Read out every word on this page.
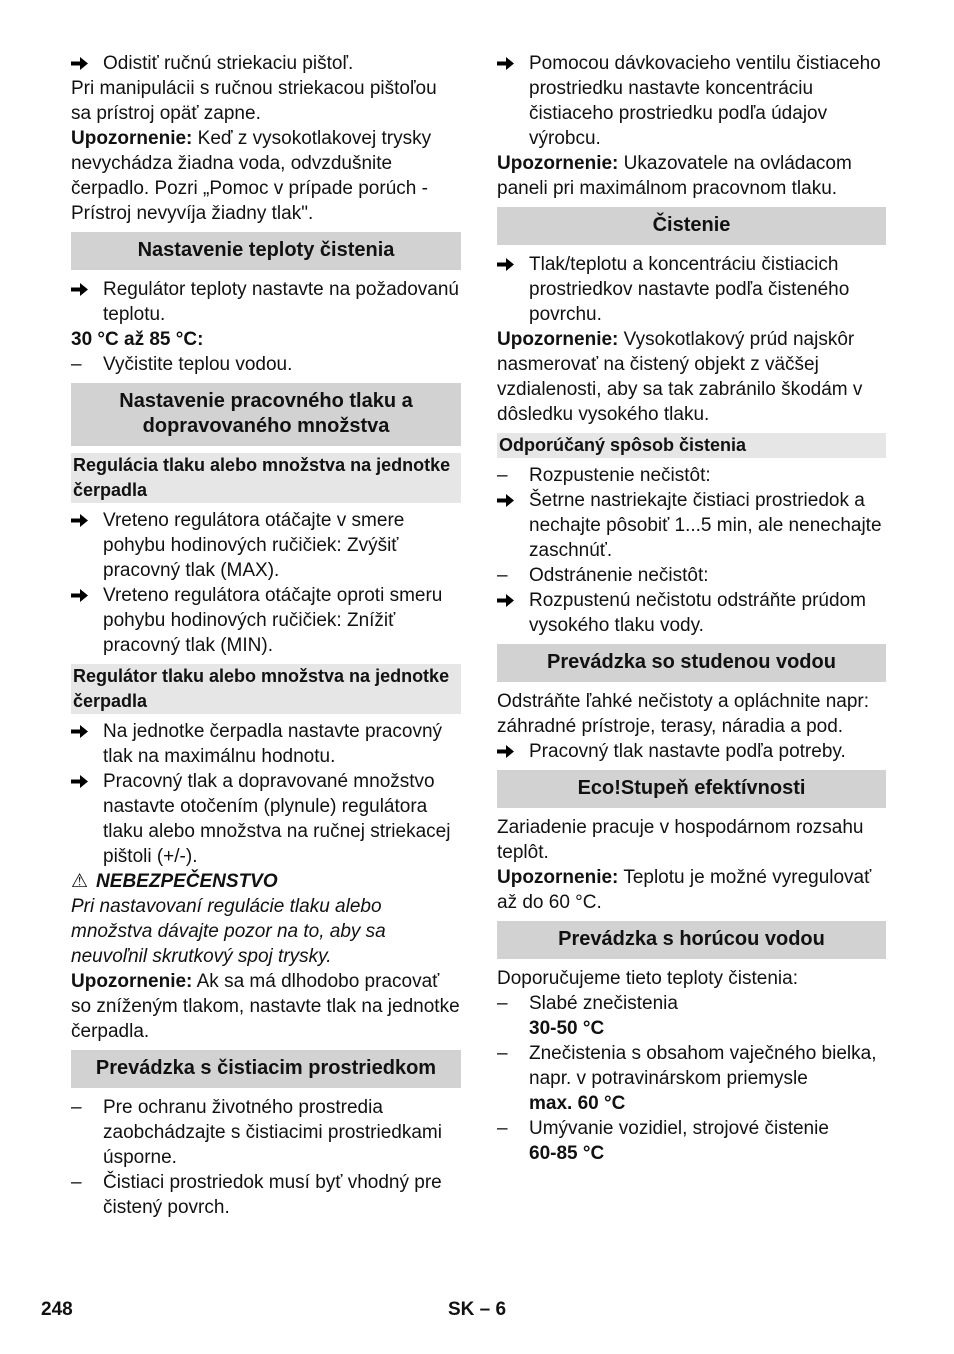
Odistiť ručnú striekaciu pištoľ.

Pri manipulácii s ručnou striekacou pištoľou sa prístroj opäť zapne.

Upozornenie: Keď z vysokotlakovej trysky nevychádza žiadna voda, odvzdušnite čerpadlo. Pozri „Pomoc v prípade porúch - Prístroj nevyvíja žiadny tlak".

Nastavenie teploty čistenia
Regulátor teploty nastavte na požadovanú teplotu.

30 °C až 85 °C:

–	Vyčistite teplou vodou.
Nastavenie pracovného tlaku a dopravovaného množstva
Regulácia tlaku alebo množstva na jednotke čerpadla
Vreteno regulátora otáčajte v smere pohybu hodinových ručičiek: Zvýšiť pracovný tlak (MAX).
Vreteno regulátora otáčajte oproti smeru pohybu hodinových ručičiek: Znížiť pracovný tlak (MIN).
Regulátor tlaku alebo množstva na jednotke čerpadla
Na jednotke čerpadla nastavte pracovný tlak na maximálnu hodnotu.
Pracovný tlak a dopravované množstvo nastavte otočením (plynule) regulátora tlaku alebo množstva na ručnej striekacej pištoli (+/-).

⚠ NEBEZPEČENSTVO

Pri nastavovaní regulácie tlaku alebo množstva dávajte pozor na to, aby sa neuvoľnil skrutkový spoj trysky.

Upozornenie: Ak sa má dlhodobo pracovať so zníženým tlakom, nastavte tlak na jednotke čerpadla.

Prevádzka s čistiacim prostriedkom
–	Pre ochranu životného prostredia zaobchádzajte s čistiacimi prostriedkami úsporne.
–	Čistiaci prostriedok musí byť vhodný pre čistený povrch.
Pomocou dávkovacieho ventilu čistiaceho prostriedku nastavte koncentráciu čistiaceho prostriedku podľa údajov výrobcu.

Upozornenie: Ukazovatele na ovládacom paneli pri maximálnom pracovnom tlaku.

Čistenie
Tlak/teplotu a koncentráciu čistiacich prostriedkov nastavte podľa čisteného povrchu.

Upozornenie: Vysokotlakový prúd najskôr nasmerovať na čistený objekt z väčšej vzdialenosti, aby sa tak zabránilo škodám v dôsledku vysokého tlaku.

Odporúčaný spôsob čistenia
–	Rozpustenie nečistôt:
Šetrne nastriekajte čistiaci prostriedok a nechajte pôsobiť 1...5 min, ale nenechajte zaschnúť.
–	Odstránenie nečistôt:
Rozpustenú nečistotu odstráňte prúdom vysokého tlaku vody.
Prevádzka so studenou vodou

Odstráňte ľahké nečistoty a opláchnite napr: záhradné prístroje, terasy, náradia a pod.

Pracovný tlak nastavte podľa potreby.
Eco!Stupeň efektívnosti

Zariadenie pracuje v hospodárnom rozsahu teplôt.

Upozornenie: Teplotu je možné vyregulovať až do 60 °C.

Prevádzka s horúcou vodou

Doporučujeme tieto teploty čistenia:

–	Slabé znečistenia
30-50 °C
–	Znečistenia s obsahom vaječného bielka, napr. v potravinárskom priemysle
max. 60 °C
–	Umývanie vozidiel, strojové čistenie
60-85 °C
248	SK – 6
